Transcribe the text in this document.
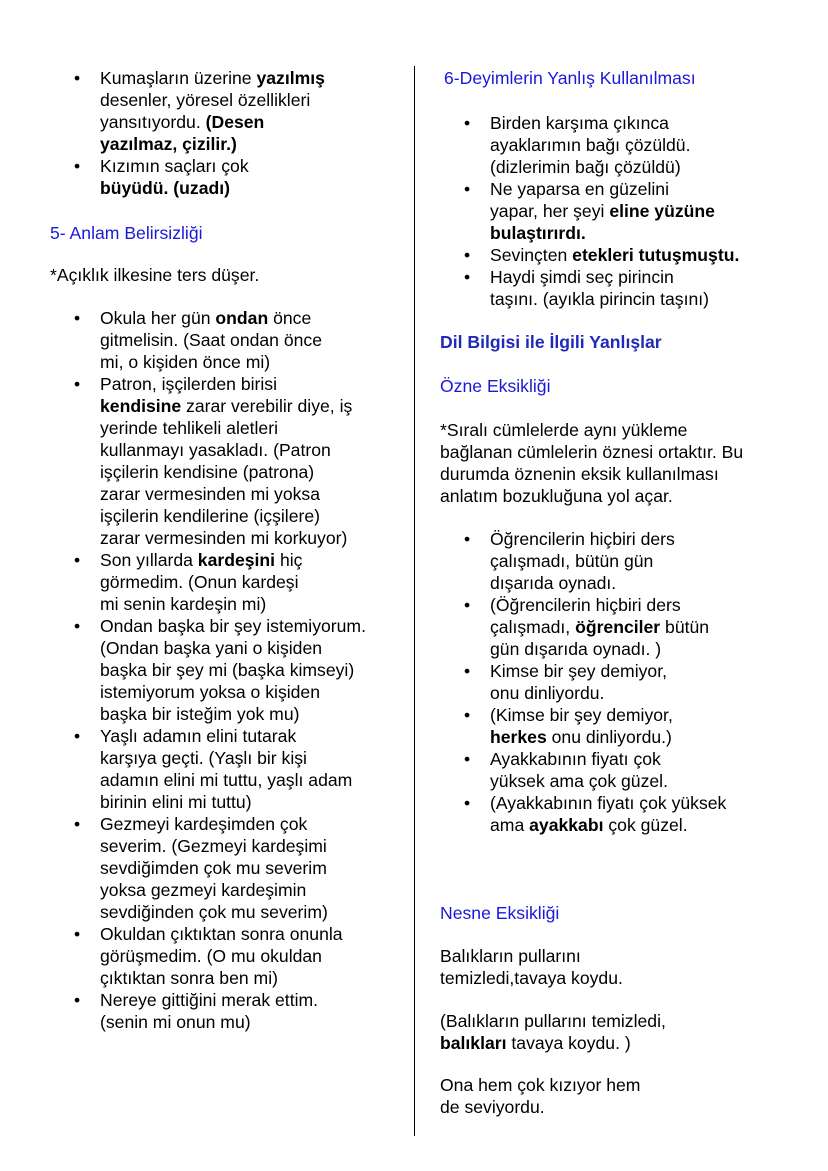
• Kumaşların üzerine yazılmış
desenler, yöresel özellikleri
yansıtıyordu. (Desen
yazılmaz, çizilir.)
• Kızımın saçları çok
büyüdü. (uzadı)
5- Anlam Belirsizliği
*Açıklık ilkesine ters düşer.
• Okula her gün ondan önce
gitmelisin. (Saat ondan önce
mi, o kişiden önce mi)
• Patron, işçilerden birisi
kendisine zarar verebilir diye, iş
yerinde tehlikeli aletleri
kullanmayı yasakladı. (Patron
işçilerin kendisine (patrona)
zarar vermesinden mi yoksa
işçilerin kendilerine (içşilere)
zarar vermesinden mi korkuyor)
• Son yıllarda kardeşini hiç
görmedim. (Onun kardeşi
mi senin kardeşin mi)
• Ondan başka bir şey istemiyorum.
(Ondan başka yani o kişiden
başka bir şey mi (başka kimseyi)
istemiyorum yoksa o kişiden
başka bir isteğim yok mu)
• Yaşlı adamın elini tutarak
karşıya geçti. (Yaşlı bir kişi
adamın elini mi tuttu, yaşlı adam
birinin elini mi tuttu)
• Gezmeyi kardeşimden çok
severim. (Gezmeyi kardeşimi
sevdiğimden çok mu severim
yoksa gezmeyi kardeşimin
sevdiğinden çok mu severim)
• Okuldan çıktıktan sonra onunla
görüşmedim. (O mu okuldan
çıktıktan sonra ben mi)
• Nereye gittiğini merak ettim.
(senin mi onun mu)
6-Deyimlerin Yanlış Kullanılması
• Birden karşıma çıkınca
ayaklarımın bağı çözüldü.
(dizlerimin bağı çözüldü)
• Ne yaparsa en güzelini
yapar, her şeyi eline yüzüne
bulaştırırdı.
• Sevinçten etekleri tutuşmuştu.
• Haydi şimdi seç pirincin
taşını. (ayıkla pirincin taşını)
Dil Bilgisi ile İlgili Yanlışlar
Özne Eksikliği
*Sıralı cümlelerde aynı yükleme
bağlanan cümlelerin öznesi ortaktır. Bu
durumda öznenin eksik kullanılması
anlatım bozukluğuna yol açar.
• Öğrencilerin hiçbiri ders
çalışmadı, bütün gün
dışarıda oynadı.
• (Öğrencilerin hiçbiri ders
çalışmadı, öğrenciler bütün
gün dışarıda oynadı. )
• Kimse bir şey demiyor,
onu dinliyordu.
• (Kimse bir şey demiyor,
herkes onu dinliyordu.)
• Ayakkabının fiyatı çok
yüksek ama çok güzel.
• (Ayakkabının fiyatı çok yüksek
ama ayakkabı çok güzel.
Nesne Eksikliği
Balıkların pullarını
temizledi,tavaya koydu.
(Balıkların pullarını temizledi,
balıkları tavaya koydu. )
Ona hem çok kızıyor hem
de seviyordu.
